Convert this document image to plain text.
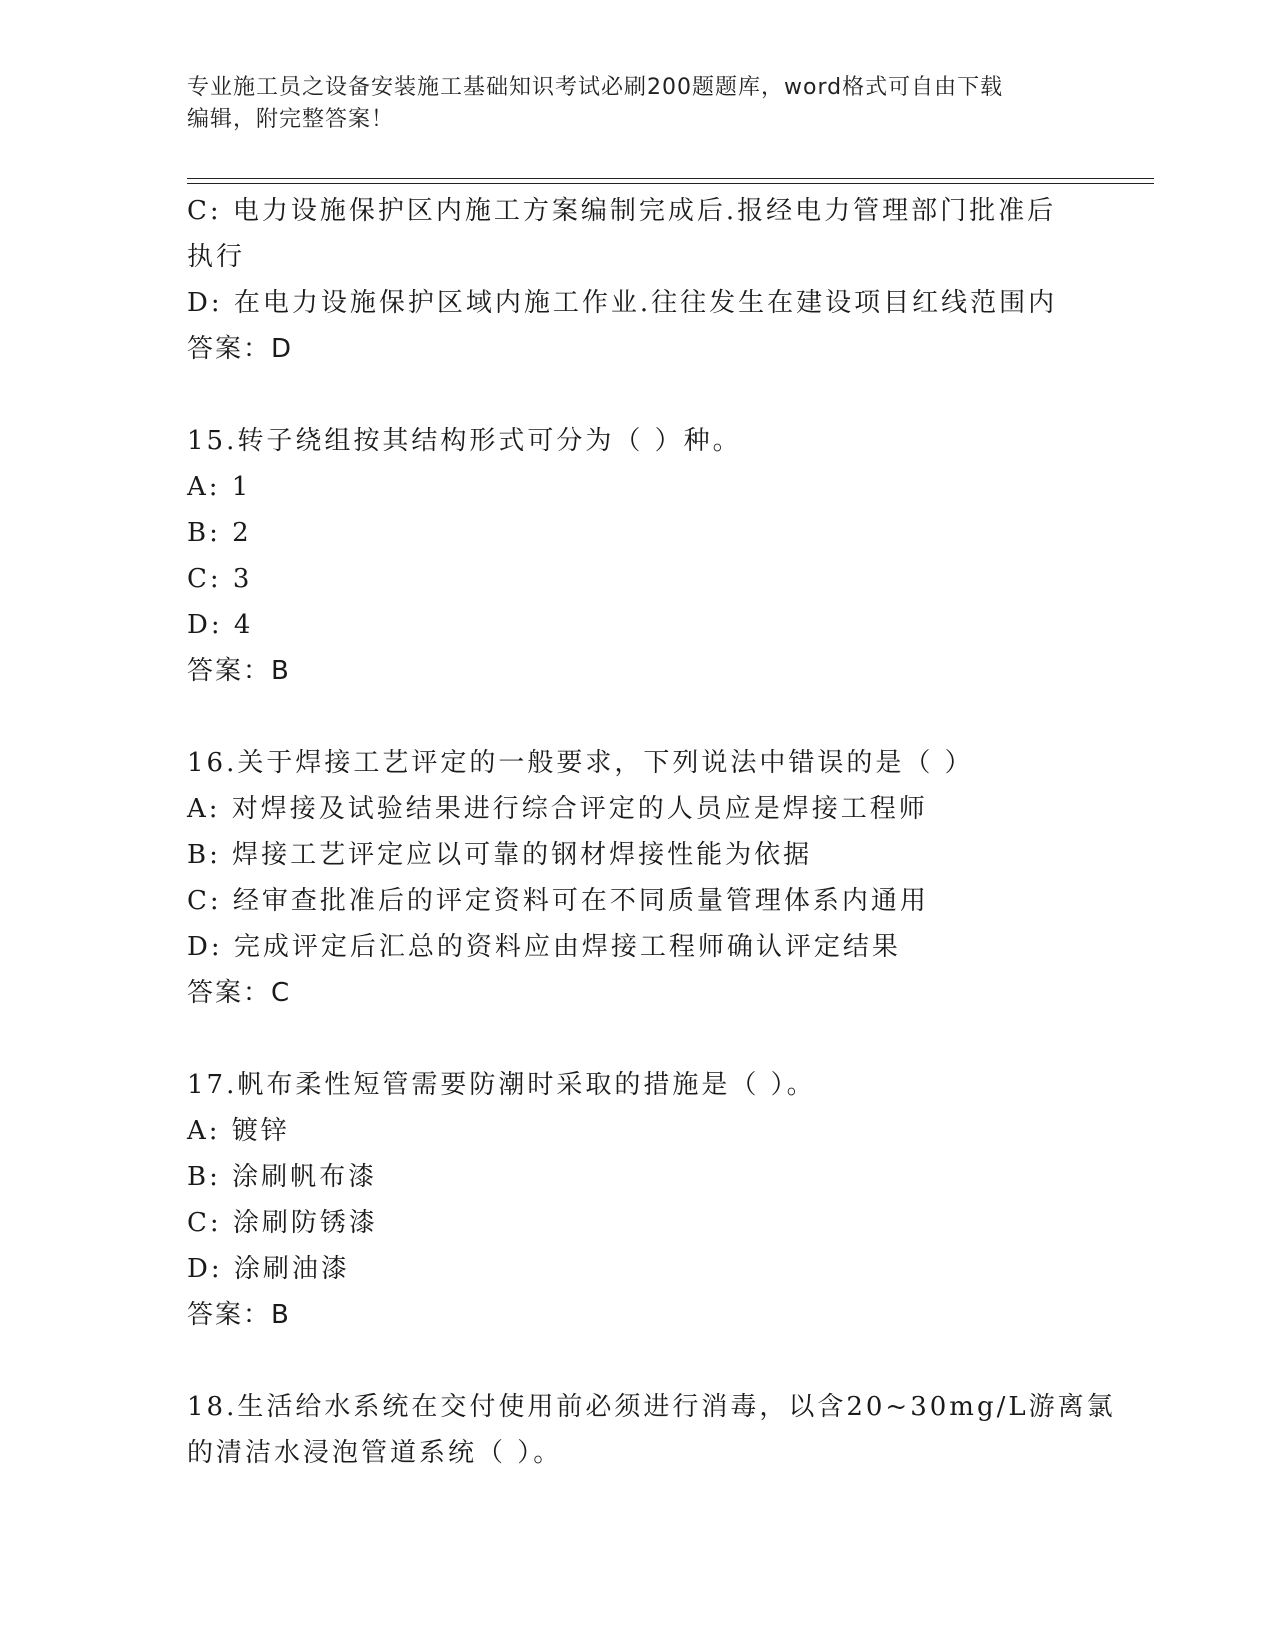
专业施工员之设备安装施工基础知识考试必刷200题题库，word格式可自由下载
编辑，附完整答案！
C: 电力设施保护区内施工方案编制完成后.报经电力管理部门批准后
执行
D: 在电力设施保护区域内施工作业.往往发生在建设项目红线范围内
答案：D
15.转子绕组按其结构形式可分为（ ）种。
A: 1
B: 2
C: 3
D: 4
答案：B
16.关于焊接工艺评定的一般要求，下列说法中错误的是（ ）
A: 对焊接及试验结果进行综合评定的人员应是焊接工程师
B: 焊接工艺评定应以可靠的钢材焊接性能为依据
C: 经审查批准后的评定资料可在不同质量管理体系内通用
D: 完成评定后汇总的资料应由焊接工程师确认评定结果
答案：C
17.帆布柔性短管需要防潮时采取的措施是（ ）。
A: 镀锌
B: 涂刷帆布漆
C: 涂刷防锈漆
D: 涂刷油漆
答案：B
18.生活给水系统在交付使用前必须进行消毒，以含20~30mg/L游离氯
的清洁水浸泡管道系统（ ）。
